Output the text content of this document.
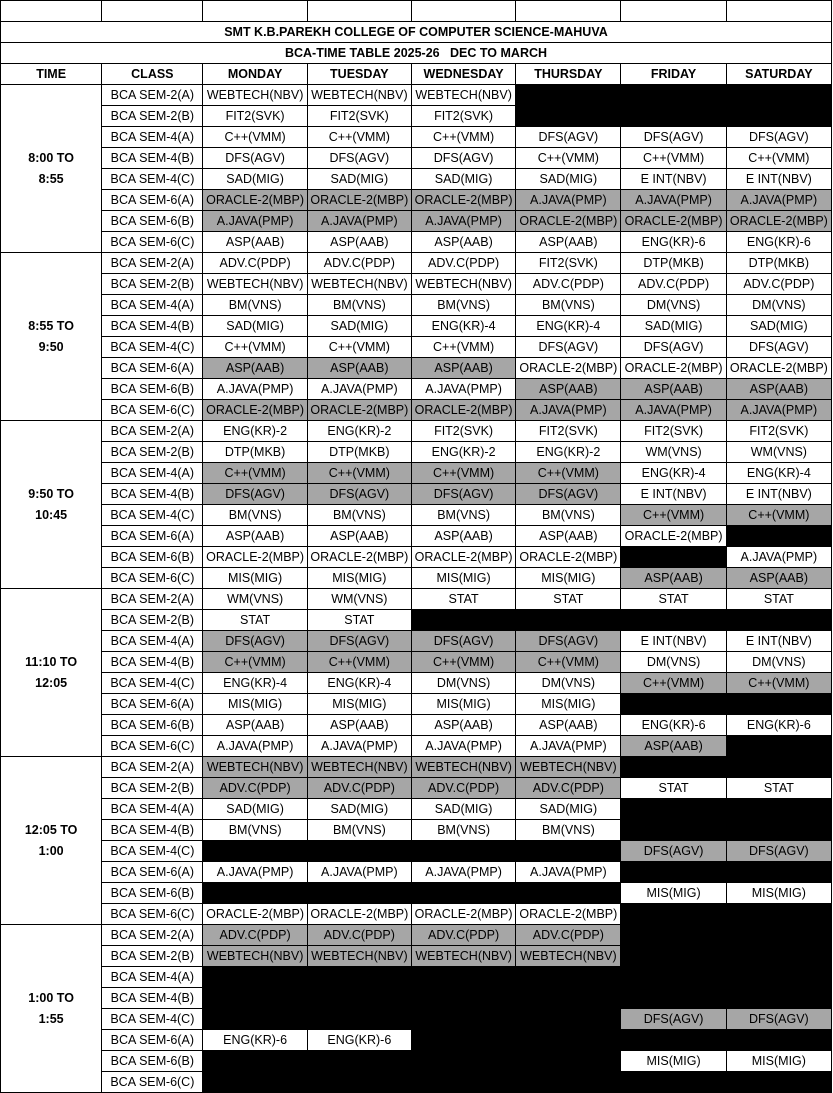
SMT K.B.PAREKH COLLEGE OF COMPUTER SCIENCE-MAHUVA							
BCA-TIME TABLE 2025-26   DEC TO MARCH							
TIME	CLASS	MONDAY	TUESDAY	WEDNESDAY	THURSDAY	FRIDAY	SATURDAY

8:00 TO
8:55	BCA SEM-2(A)	WEBTECH(NBV)	WEBTECH(NBV)	WEBTECH(NBV)			
	BCA SEM-2(B)	FIT2(SVK)	FIT2(SVK)	FIT2(SVK)			
	BCA SEM-4(A)	C++(VMM)	C++(VMM)	C++(VMM)	DFS(AGV)	DFS(AGV)	DFS(AGV)
	BCA SEM-4(B)	DFS(AGV)	DFS(AGV)	DFS(AGV)	C++(VMM)	C++(VMM)	C++(VMM)
	BCA SEM-4(C)	SAD(MIG)	SAD(MIG)	SAD(MIG)	SAD(MIG)	E INT(NBV)	E INT(NBV)
	BCA SEM-6(A)	ORACLE-2(MBP)	ORACLE-2(MBP)	ORACLE-2(MBP)	A.JAVA(PMP)	A.JAVA(PMP)	A.JAVA(PMP)
	BCA SEM-6(B)	A.JAVA(PMP)	A.JAVA(PMP)	A.JAVA(PMP)	ORACLE-2(MBP)	ORACLE-2(MBP)	ORACLE-2(MBP)
	BCA SEM-6(C)	ASP(AAB)	ASP(AAB)	ASP(AAB)	ASP(AAB)	ENG(KR)-6	ENG(KR)-6

8:55 TO
9:50	BCA SEM-2(A)	ADV.C(PDP)	ADV.C(PDP)	ADV.C(PDP)	FIT2(SVK)	DTP(MKB)	DTP(MKB)
	BCA SEM-2(B)	WEBTECH(NBV)	WEBTECH(NBV)	WEBTECH(NBV)	ADV.C(PDP)	ADV.C(PDP)	ADV.C(PDP)
	BCA SEM-4(A)	BM(VNS)	BM(VNS)	BM(VNS)	BM(VNS)	DM(VNS)	DM(VNS)
	BCA SEM-4(B)	SAD(MIG)	SAD(MIG)	ENG(KR)-4	ENG(KR)-4	SAD(MIG)	SAD(MIG)
	BCA SEM-4(C)	C++(VMM)	C++(VMM)	C++(VMM)	DFS(AGV)	DFS(AGV)	DFS(AGV)
	BCA SEM-6(A)	ASP(AAB)	ASP(AAB)	ASP(AAB)	ORACLE-2(MBP)	ORACLE-2(MBP)	ORACLE-2(MBP)
	BCA SEM-6(B)	A.JAVA(PMP)	A.JAVA(PMP)	A.JAVA(PMP)	ASP(AAB)	ASP(AAB)	ASP(AAB)
	BCA SEM-6(C)	ORACLE-2(MBP)	ORACLE-2(MBP)	ORACLE-2(MBP)	A.JAVA(PMP)	A.JAVA(PMP)	A.JAVA(PMP)

9:50 TO
10:45	BCA SEM-2(A)	ENG(KR)-2	ENG(KR)-2	FIT2(SVK)	FIT2(SVK)	FIT2(SVK)	FIT2(SVK)
	BCA SEM-2(B)	DTP(MKB)	DTP(MKB)	ENG(KR)-2	ENG(KR)-2	WM(VNS)	WM(VNS)
	BCA SEM-4(A)	C++(VMM)	C++(VMM)	C++(VMM)	C++(VMM)	ENG(KR)-4	ENG(KR)-4
	BCA SEM-4(B)	DFS(AGV)	DFS(AGV)	DFS(AGV)	DFS(AGV)	E INT(NBV)	E INT(NBV)
	BCA SEM-4(C)	BM(VNS)	BM(VNS)	BM(VNS)	BM(VNS)	C++(VMM)	C++(VMM)
	BCA SEM-6(A)	ASP(AAB)	ASP(AAB)	ASP(AAB)	ASP(AAB)	ORACLE-2(MBP)	
	BCA SEM-6(B)	ORACLE-2(MBP)	ORACLE-2(MBP)	ORACLE-2(MBP)	ORACLE-2(MBP)		A.JAVA(PMP)
	BCA SEM-6(C)	MIS(MIG)	MIS(MIG)	MIS(MIG)	MIS(MIG)	ASP(AAB)	ASP(AAB)

11:10 TO
12:05	BCA SEM-2(A)	WM(VNS)	WM(VNS)	STAT	STAT	STAT	STAT
	BCA SEM-2(B)	STAT	STAT				
	BCA SEM-4(A)	DFS(AGV)	DFS(AGV)	DFS(AGV)	DFS(AGV)	E INT(NBV)	E INT(NBV)
	BCA SEM-4(B)	C++(VMM)	C++(VMM)	C++(VMM)	C++(VMM)	DM(VNS)	DM(VNS)
	BCA SEM-4(C)	ENG(KR)-4	ENG(KR)-4	DM(VNS)	DM(VNS)	C++(VMM)	C++(VMM)
	BCA SEM-6(A)	MIS(MIG)	MIS(MIG)	MIS(MIG)	MIS(MIG)		
	BCA SEM-6(B)	ASP(AAB)	ASP(AAB)	ASP(AAB)	ASP(AAB)	ENG(KR)-6	ENG(KR)-6
	BCA SEM-6(C)	A.JAVA(PMP)	A.JAVA(PMP)	A.JAVA(PMP)	A.JAVA(PMP)	ASP(AAB)	

12:05 TO
1:00	BCA SEM-2(A)	WEBTECH(NBV)	WEBTECH(NBV)	WEBTECH(NBV)	WEBTECH(NBV)		
	BCA SEM-2(B)	ADV.C(PDP)	ADV.C(PDP)	ADV.C(PDP)	ADV.C(PDP)	STAT	STAT
	BCA SEM-4(A)	SAD(MIG)	SAD(MIG)	SAD(MIG)	SAD(MIG)		
	BCA SEM-4(B)	BM(VNS)	BM(VNS)	BM(VNS)	BM(VNS)		
	BCA SEM-4(C)					DFS(AGV)	DFS(AGV)
	BCA SEM-6(A)	A.JAVA(PMP)	A.JAVA(PMP)	A.JAVA(PMP)	A.JAVA(PMP)		
	BCA SEM-6(B)					MIS(MIG)	MIS(MIG)
	BCA SEM-6(C)	ORACLE-2(MBP)	ORACLE-2(MBP)	ORACLE-2(MBP)	ORACLE-2(MBP)		

1:00 TO
1:55	BCA SEM-2(A)	ADV.C(PDP)	ADV.C(PDP)	ADV.C(PDP)	ADV.C(PDP)		
	BCA SEM-2(B)	WEBTECH(NBV)	WEBTECH(NBV)	WEBTECH(NBV)	WEBTECH(NBV)		
	BCA SEM-4(A)						
	BCA SEM-4(B)						
	BCA SEM-4(C)					DFS(AGV)	DFS(AGV)
	BCA SEM-6(A)	ENG(KR)-6	ENG(KR)-6				
	BCA SEM-6(B)					MIS(MIG)	MIS(MIG)
	BCA SEM-6(C)						
